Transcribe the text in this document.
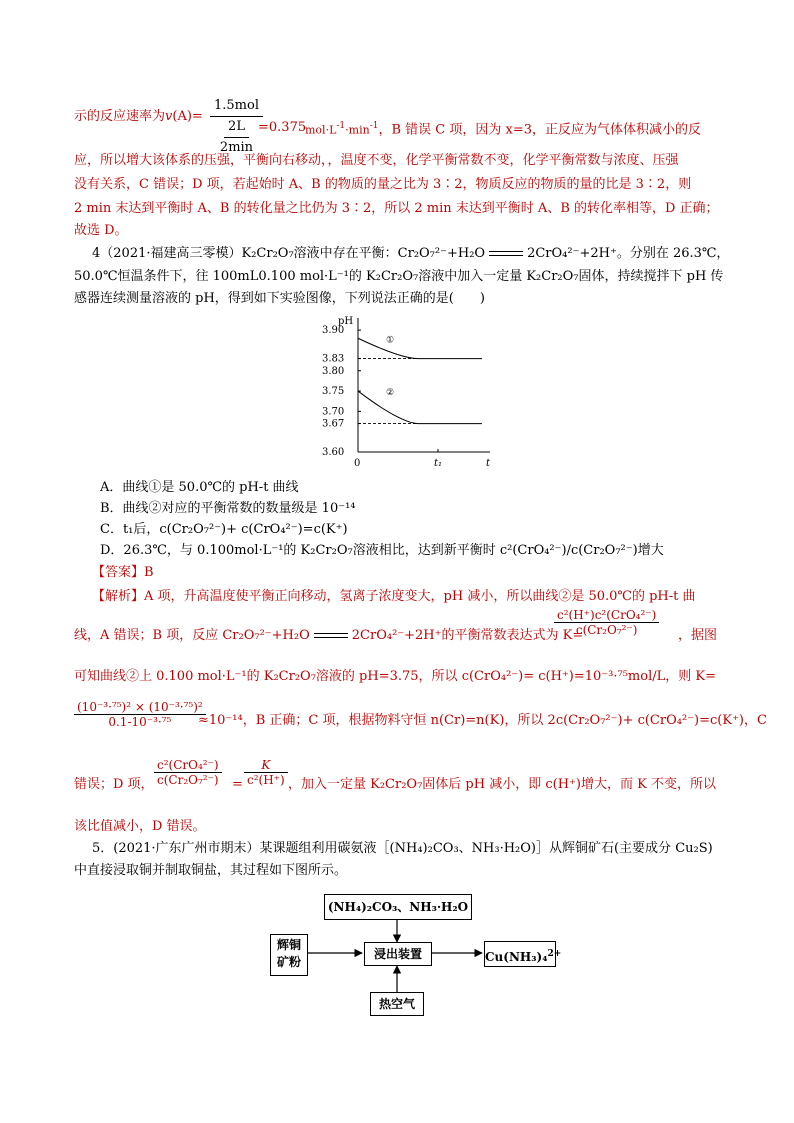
示的反应速率为v(A)=
1.5mol
2L
2min
=0.375
$mol\cdot L^{-1}\cdot\min^{-1}$，B 错误 C 项，因为 x=3，正反应为气体体积减小的反
应，所以增大该体系的压强，平衡向右移动，，温度不变，化学平衡常数不变，化学平衡常数与浓度、压强
没有关系，C 错误；D 项，若起始时 A、B 的物质的量之比为 3∶2，物质反应的物质的量的比是 3∶2，则
2 min 末达到平衡时 A、B 的转化量之比仍为 3∶2，所以 2 min 末达到平衡时 A、B 的转化率相等，D 正确；
故选 D。
4（2021·福建高三零模）K₂Cr₂O₇溶液中存在平衡：Cr₂O₇²⁻+H₂O	2CrO₄²⁻+2H⁺。分别在 26.3℃，
50.0℃恒温条件下，往 100mL0.100 mol·L⁻¹的 K₂Cr₂O₇溶液中加入一定量 K₂Cr₂O₇固体，持续搅拌下 pH 传
感器连续测量溶液的 pH，得到如下实验图像，下列说法正确的是(　　)
pH
t
0	t₁
3.90
3.83
3.80
3.75
3.70
3.67
3.60
①
②
A．曲线①是 50.0℃的 pH-t 曲线
B．曲线②对应的平衡常数的数量级是 10⁻¹⁴
C．t₁后，c(Cr₂O₇²⁻)+ c(CrO₄²⁻)=c(K⁺)
D．26.3℃，与 0.100mol·L⁻¹的 K₂Cr₂O₇溶液相比，达到新平衡时 c²(CrO₄²⁻)/c(Cr₂O₇²⁻)增大
【答案】B
【解析】A 项，升高温度使平衡正向移动，氢离子浓度变大，pH 减小，所以曲线②是 50.0℃的 pH-t 曲
线，A 错误；B 项，反应 Cr₂O₇²⁻+H₂O	2CrO₄²⁻+2H⁺的平衡常数表达式为 K=
c²(H⁺)c²(CrO₄²⁻)
c(Cr₂O₇²⁻)	，据图
可知曲线②上 0.100 mol·L⁻¹的 K₂Cr₂O₇溶液的 pH=3.75，所以 c(CrO₄²⁻)= c(H⁺)=10⁻³·⁷⁵mol/L，则 K=
$\frac{\text{(10⁻³·⁷⁵)² × (10⁻³·⁷⁵)²}}{\text{0.1-10⁻³·⁷⁵}}$
≈10⁻¹⁴，B 正确；C 项，根据物料守恒 n(Cr)=n(K)，所以 2c(Cr₂O₇²⁻)+ c(CrO₄²⁻)=c(K⁺)，C
错误；D 项，
c²(CrO₄²⁻)
$c(Cr_2O_7^{2-}) = \frac{K}{\text{c²(H⁺)}}$ ，加入一定量 K₂Cr₂O₇固体后 pH 减小，即 c(H⁺)增大，而 K 不变，所以
该比值减小，D 错误。
5．(2021·广东广州市期末）某课题组利用碳氨液［(NH₄)₂CO₃、NH₃·H₂O)］从辉铜矿石(主要成分 Cu₂S)
中直接浸取铜并制取铜盐，其过程如下图所示。
(NH₄)₂CO₃、NH₃·H₂O
辉铜
矿粉
浸出装置	Cu(NH₃)₄$^{2+}$
热空气
